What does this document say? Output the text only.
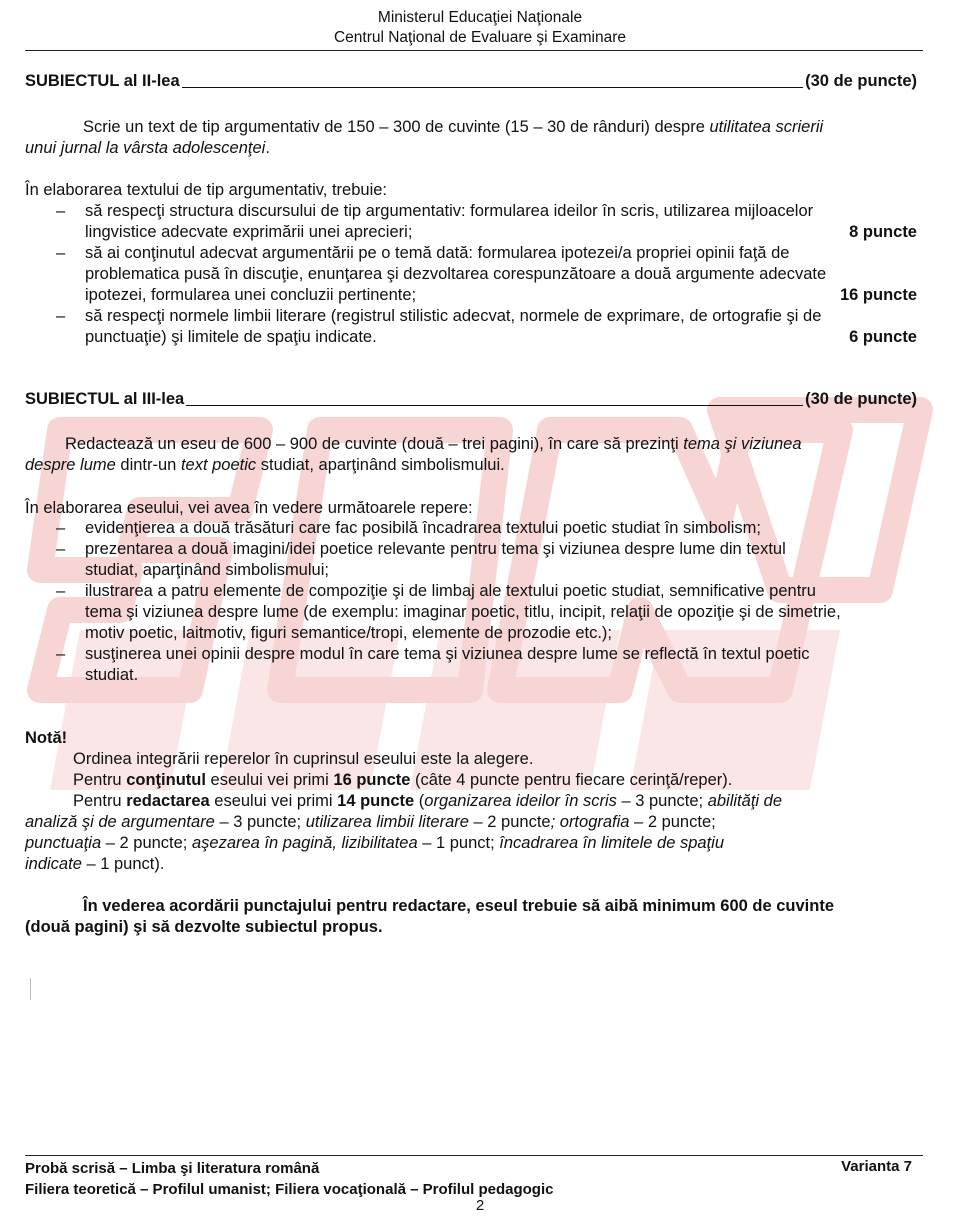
Ministerul Educaţiei Naţionale
Centrul Naţional de Evaluare şi Examinare
SUBIECTUL al II-lea	(30 de puncte)
Scrie un text de tip argumentativ de 150 – 300 de cuvinte (15 – 30 de rânduri) despre utilitatea scrierii
unui jurnal la vârsta adolescenţei.
În elaborarea textului de tip argumentativ, trebuie:
– să respecţi structura discursului de tip argumentativ: formularea ideilor în scris, utilizarea mijloacelor
lingvistice adecvate exprimării unei aprecieri;	8 puncte
– să ai conţinutul adecvat argumentării pe o temă dată: formularea ipotezei/a propriei opinii faţă de
problematica pusă în discuţie, enunţarea şi dezvoltarea corespunzătoare a două argumente adecvate
ipotezei, formularea unei concluzii pertinente;	16 puncte
– să respecţi normele limbii literare (registrul stilistic adecvat, normele de exprimare, de ortografie şi de
punctuaţie) şi limitele de spaţiu indicate.	6 puncte
SUBIECTUL al III-lea	(30 de puncte)
Redactează un eseu de 600 – 900 de cuvinte (două – trei pagini), în care să prezinţi tema şi viziunea
despre lume dintr-un text poetic studiat, aparţinând simbolismului.
În elaborarea eseului, vei avea în vedere următoarele repere:
– evidenţierea a două trăsături care fac posibilă încadrarea textului poetic studiat în simbolism;
– prezentarea a două imagini/idei poetice relevante pentru tema şi viziunea despre lume din textul
studiat, aparţinând simbolismului;
– ilustrarea a patru elemente de compoziţie şi de limbaj ale textului poetic studiat, semnificative pentru
tema şi viziunea despre lume (de exemplu: imaginar poetic, titlu, incipit, relaţii de opoziţie şi de simetrie,
motiv poetic, laitmotiv, figuri semantice/tropi, elemente de prozodie etc.);
– susţinerea unei opinii despre modul în care tema şi viziunea despre lume se reflectă în textul poetic
studiat.
Notă!
Ordinea integrării reperelor în cuprinsul eseului este la alegere.
Pentru conţinutul eseului vei primi 16 puncte (câte 4 puncte pentru fiecare cerinţă/reper).
Pentru redactarea eseului vei primi 14 puncte (organizarea ideilor în scris – 3 puncte; abilităţi de
analiză şi de argumentare – 3 puncte; utilizarea limbii literare – 2 puncte; ortografia – 2 puncte;
punctuaţia – 2 puncte; aşezarea în pagină, lizibilitatea – 1 punct; încadrarea în limitele de spaţiu
indicate – 1 punct).
În vederea acordării punctajului pentru redactare, eseul trebuie să aibă minimum 600 de cuvinte
(două pagini) şi să dezvolte subiectul propus.
Probă scrisă – Limba şi literatura română
Filiera teoretică – Profilul umanist; Filiera vocaţională – Profilul pedagogic
Varianta 7
2
